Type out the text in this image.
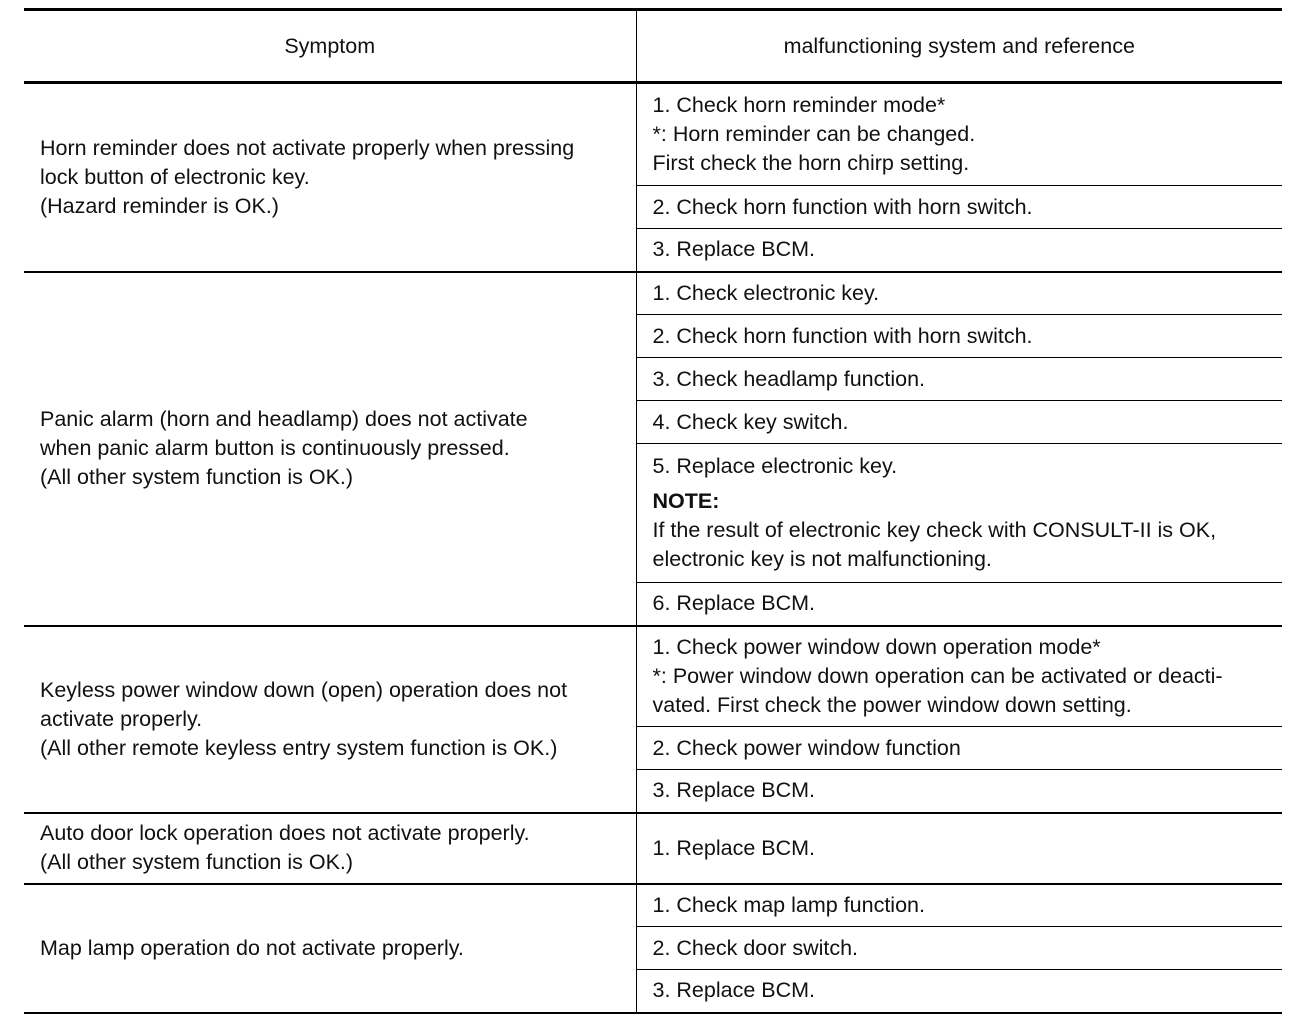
Symptom	malfunctioning system and reference

Horn reminder does not activate properly when pressing
lock button of electronic key.
(Hazard reminder is OK.)	1. Check horn reminder mode*
*: Horn reminder can be changed.
First check the horn chirp setting.

	2. Check horn function with horn switch.

	3. Replace BCM.

Panic alarm (horn and headlamp) does not activate
when panic alarm button is continuously pressed.
(All other system function is OK.)	1. Check electronic key.

	2. Check horn function with horn switch.

	3. Check headlamp function.

	4. Check key switch.

	5. Replace electronic key.
NOTE:
If the result of electronic key check with CONSULT-II is OK,
electronic key is not malfunctioning.

	6. Replace BCM.

Keyless power window down (open) operation does not
activate properly.
(All other remote keyless entry system function is OK.)	1. Check power window down operation mode*
*: Power window down operation can be activated or deacti-
vated. First check the power window down setting.

	2. Check power window function

	3. Replace BCM.

Auto door lock operation does not activate properly.
(All other system function is OK.)	1. Replace BCM.

Map lamp operation do not activate properly.	1. Check map lamp function.

	2. Check door switch.

	3. Replace BCM.
